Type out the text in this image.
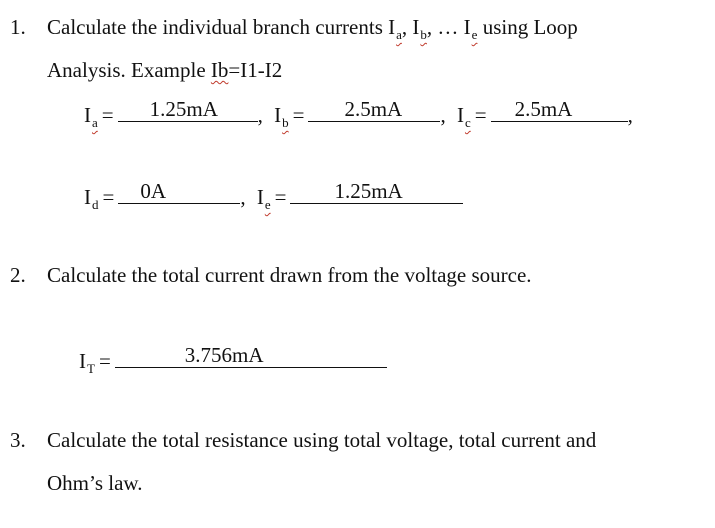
1. Calculate the individual branch currents $I_a$, $I_b$, … $I_e$ using Loop
Analysis. Example Ib=I1-I2
$I_a = 1.25mA$ , $I_b = 2.5mA$ , $I_c = 2.5mA$	,
$I_d = 0A$	, $I_e = 1.25mA$
2. Calculate the total current drawn from the voltage source.
$I_T$ =	3.756mA
3. Calculate the total resistance using total voltage, total current and
Ohm’s law.
